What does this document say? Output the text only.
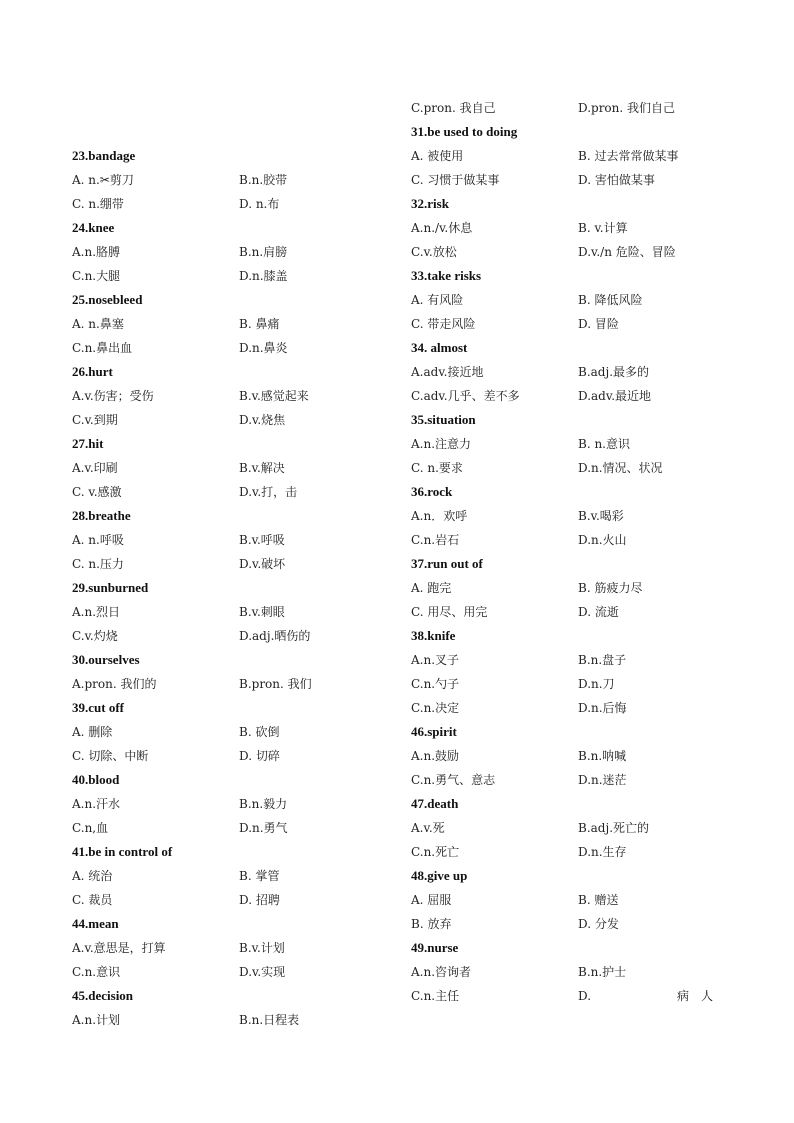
23.bandage
A. n.✂剪刀	B.n.胶带
C. n.绷带	D. n.布
24.knee
A.n.胳膊	B.n.肩膀
C.n.大腿	D.n.膝盖
25.nosebleed
A. n.鼻塞	B. 鼻痛
C.n.鼻出血	D.n.鼻炎
26.hurt
A.v.伤害；受伤	B.v.感觉起来
C.v.到期	D.v.烧焦
27.hit
A.v.印刷	B.v.解决
C. v.感激	D.v.打，击
28.breathe
A. n.呼吸	B.v.呼吸
C. n.压力	D.v.破坏
29.sunburned
A.n.烈日	B.v.刺眼
C.v.灼烧	D.adj.晒伤的
30.ourselves
A.pron. 我们的	B.pron. 我们
39.cut off
A. 删除	B. 砍倒
C. 切除、中断	D. 切碎
40.blood
A.n.汗水	B.n.毅力
C.n,血	D.n.勇气
41.be in control of
A. 统治	B. 掌管
C. 裁员	D. 招聘
44.mean
A.v.意思是，打算	B.v.计划
C.n.意识	D.v.实现
45.decision
A.n.计划	B.n.日程表
C.pron. 我自己	D.pron. 我们自己
31.be used to doing
A. 被使用	B. 过去常常做某事
C. 习惯于做某事	D. 害怕做某事
32.risk
A.n./v.休息	B. v.计算
C.v.放松	D.v./n 危险、冒险
33.take risks
A. 有风险	B. 降低风险
C. 带走风险	D. 冒险
34. almost
A.adv.接近地	B.adj.最多的
C.adv.几乎、差不多	D.adv.最近地
35.situation
A.n.注意力	B. n.意识
C. n.要求	D.n.情况、状况
36.rock
A.n．欢呼	B.v.喝彩
C.n.岩石	D.n.火山
37.run out of
A. 跑完	B. 筋疲力尽
C. 用尽、用完	D. 流逝
38.knife
A.n.叉子	B.n.盘子
C.n.勺子	D.n.刀
C.n.决定	D.n.后悔
46.spirit
A.n.鼓励	B.n.呐喊
C.n.勇气、意志	D.n.迷茫
47.death
A.v.死	B.adj.死亡的
C.n.死亡	D.n.生存
48.give up
A. 屈服	B. 赠送
B. 放弃	D. 分发
49.nurse
A.n.咨询者	B.n.护士
C.n.主任	D.	病　人
